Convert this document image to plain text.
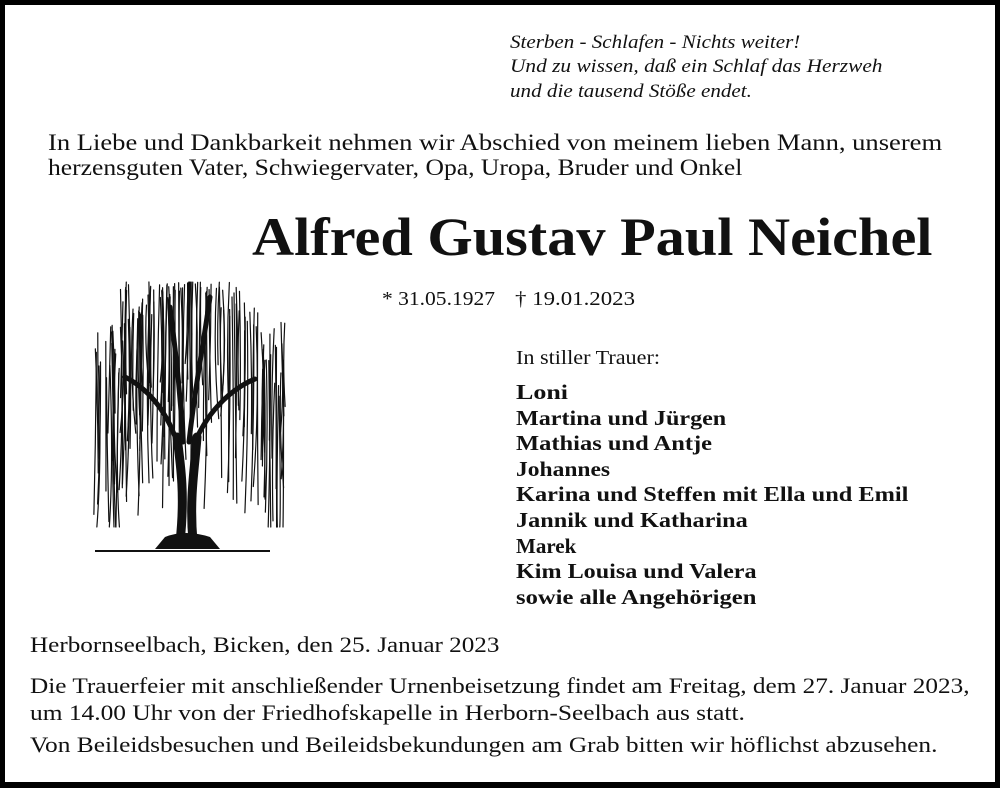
Sterben - Schlafen - Nichts weiter!
Und zu wissen, daß ein Schlaf das Herzweh
und die tausend Stöße endet.
In Liebe und Dankbarkeit nehmen wir Abschied von meinem lieben Mann, unserem
herzensguten Vater, Schwiegervater, Opa, Uropa, Bruder und Onkel
Alfred Gustav Paul Neichel
* 31.05.1927 † 19.01.2023
In stiller Trauer:
Loni
Martina und Jürgen
Mathias und Antje
Johannes
Karina und Steffen mit Ella und Emil
Jannik und Katharina
Marek
Kim Louisa und Valera
sowie alle Angehörigen
Herbornseelbach, Bicken, den 25. Januar 2023
Die Trauerfeier mit anschließender Urnenbeisetzung findet am Freitag, dem 27. Januar 2023,
um 14.00 Uhr von der Friedhofskapelle in Herborn-Seelbach aus statt.
Von Beileidsbesuchen und Beileidsbekundungen am Grab bitten wir höflichst abzusehen.
